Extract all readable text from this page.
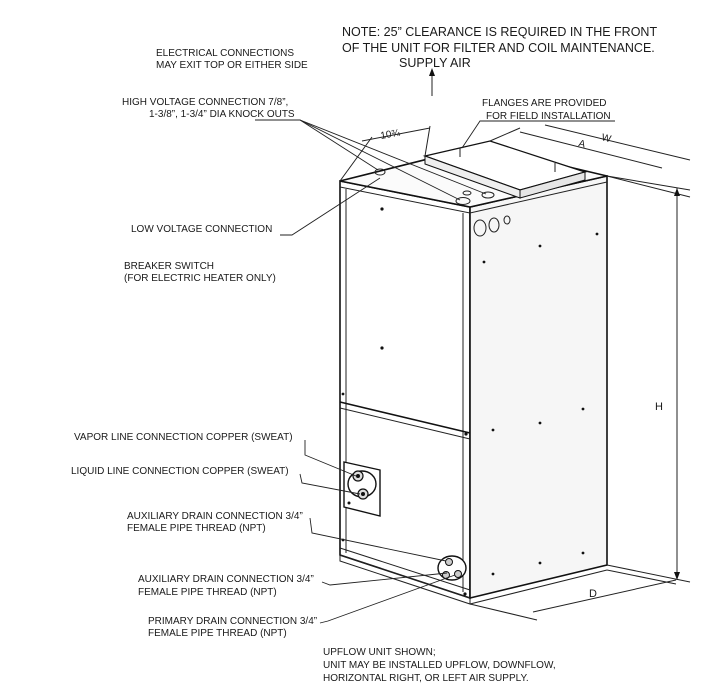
NOTE: 25” CLEARANCE IS REQUIRED IN THE FRONT
OF THE UNIT FOR FILTER AND COIL MAINTENANCE.
SUPPLY AIR
ELECTRICAL CONNECTIONS
MAY EXIT TOP OR EITHER SIDE
HIGH VOLTAGE CONNECTION 7/8”,
1-3/8”, 1-3/4” DIA KNOCK OUTS
FLANGES ARE PROVIDED
FOR FIELD INSTALLATION
LOW VOLTAGE CONNECTION
BREAKER SWITCH
(FOR ELECTRIC HEATER ONLY)
VAPOR LINE CONNECTION COPPER (SWEAT)
LIQUID LINE CONNECTION COPPER (SWEAT)
AUXILIARY DRAIN CONNECTION 3/4”
FEMALE PIPE THREAD (NPT)
AUXILIARY DRAIN CONNECTION 3/4”
FEMALE PIPE THREAD (NPT)
PRIMARY DRAIN CONNECTION 3/4”
FEMALE PIPE THREAD (NPT)
10¾
A W
H
D
UPFLOW UNIT SHOWN;
UNIT MAY BE INSTALLED UPFLOW, DOWNFLOW,
HORIZONTAL RIGHT, OR LEFT AIR SUPPLY.
